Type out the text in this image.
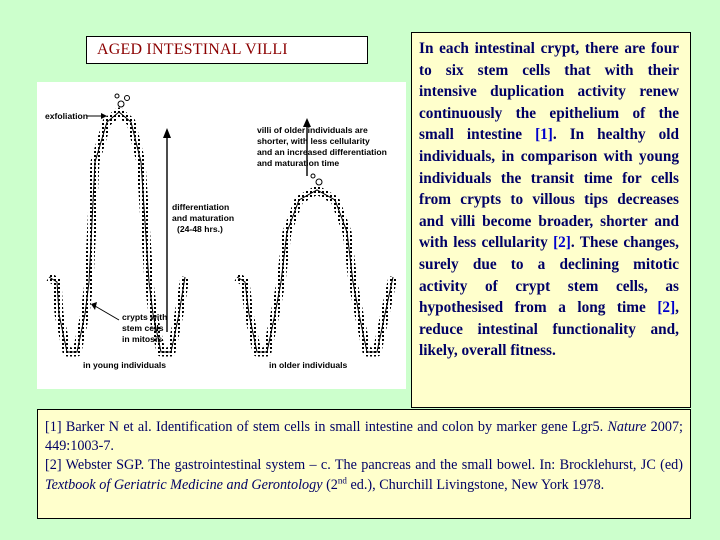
AGED INTESTINAL VILLI
exfoliation
villi of older individuals are
shorter, with less cellularity
and an increased differentiation
and maturation time
differentiation
and maturation
(24-48 hrs.)
crypts with
stem cells
in mitosis
in young individuals	in older individuals
In each intestinal crypt, there are four to six stem cells that with their intensive duplication activity renew continuously the epithelium of the small intestine [1]. In healthy old individuals, in comparison with young individuals the transit time for cells from crypts to villous tips decreases and villi become broader, shorter and with less cellularity [2]. These changes, surely due to a declining mitotic activity of crypt stem cells, as hypothesised from a long time [2], reduce intestinal functionality and, likely, overall fitness.

[1] Barker N et al. Identification of stem cells in small intestine and colon by marker gene Lgr5. Nature 2007; 449:1003-7.

[2] Webster SGP. The gastrointestinal system – c. The pancreas and the small bowel. In: Brocklehurst, JC (ed) Textbook of Geriatric Medicine and Gerontology (2nd ed.), Churchill Livingstone, New York 1978.
